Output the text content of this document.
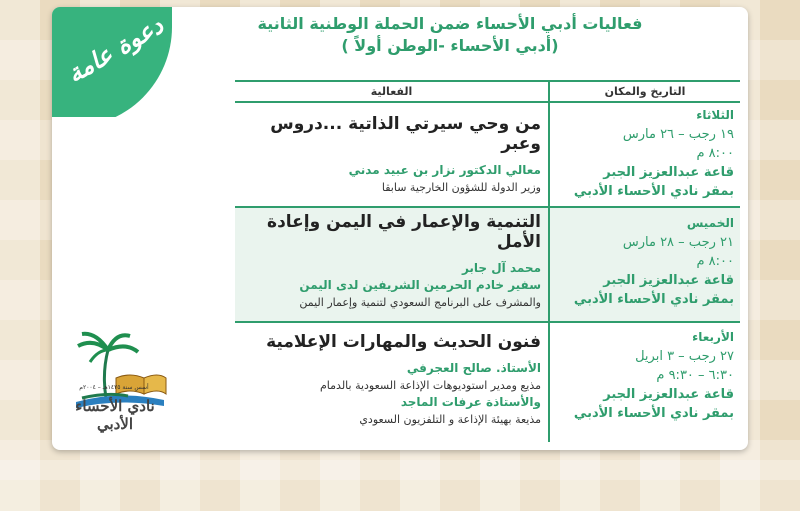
دعوة عامة	فعاليات أدبي الأحساء ضمن الحملة الوطنية الثانية
(أدبي الأحساء -الوطن أولاً )
التاريخ والمكان
الفعالية
الثلاثاء
١٩ رجب – ٢٦ مارس
٨:٠٠ م
قاعة عبدالعزيز الجبر
بمقر نادي الأحساء الأدبي
من وحي سيرتي الذاتية ...دروس وعبر
معالي الدكتور نزار بن عبيد مدني
وزير الدولة للشؤون الخارجية سابقا
الخميس
٢١ رجب – ٢٨ مارس
٨:٠٠ م
قاعة عبدالعزيز الجبر
بمقر نادي الأحساء الأدبي
التنمية والإعمار في اليمن وإعادة الأمل
محمد آل جابر
سفير خادم الحرمين الشريفين لدى اليمن
والمشرف على البرنامج السعودي لتنمية وإعمار اليمن
الأربعاء
٢٧ رجب – ٣ ابريل
٦:٣٠ – ٩:٣٠ م
قاعة عبدالعزيز الجبر
بمقر نادي الأحساء الأدبي
فنون الحديث والمهارات الإعلامية
الأستاذ. صالح العجرفي
مذيع ومدير استوديوهات الإذاعة السعودية بالدمام
والأستاذة عرفات الماجد
مذيعة بهيئة الإذاعة و التلفزيون السعودي
أسس سنة ١٤٢٥هـ – ٢٠٠٤م
نادي الأحساء الأدبي
